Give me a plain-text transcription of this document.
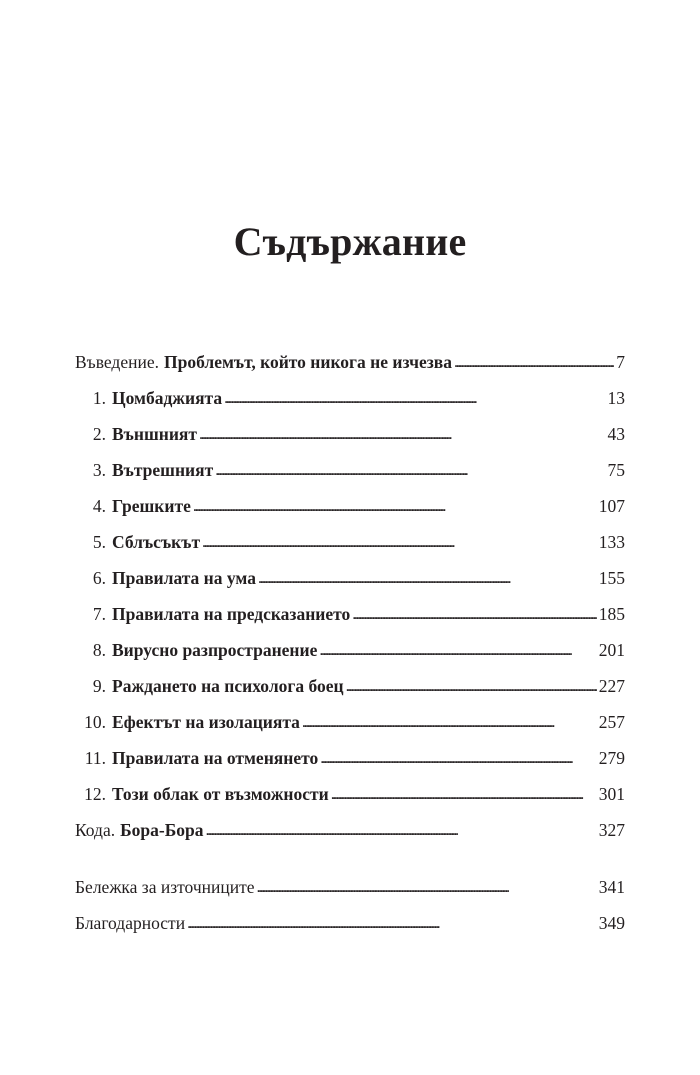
Съдържание
Въведение. Проблемът, който никога не изчезва . . .	7
1. Цомбаджията . . .	13
2. Външният . . .	43
3. Вътрешният . . .	75
4. Грешките . . .	107
5. Сблъсъкът . . .	133
6. Правилата на ума . . .	155
7. Правилата на предсказанието . . .	185
8. Вирусно разпространение . . .	201
9. Раждането на психолога боец . . .	227
10. Ефектът на изолацията . . .	257
11. Правилата на отменянето . . .	279
12. Този облак от възможности . . .	301
Кода. Бора-Бора . . .	327
Бележка за източниците . . .	341
Благодарности . . .	349
